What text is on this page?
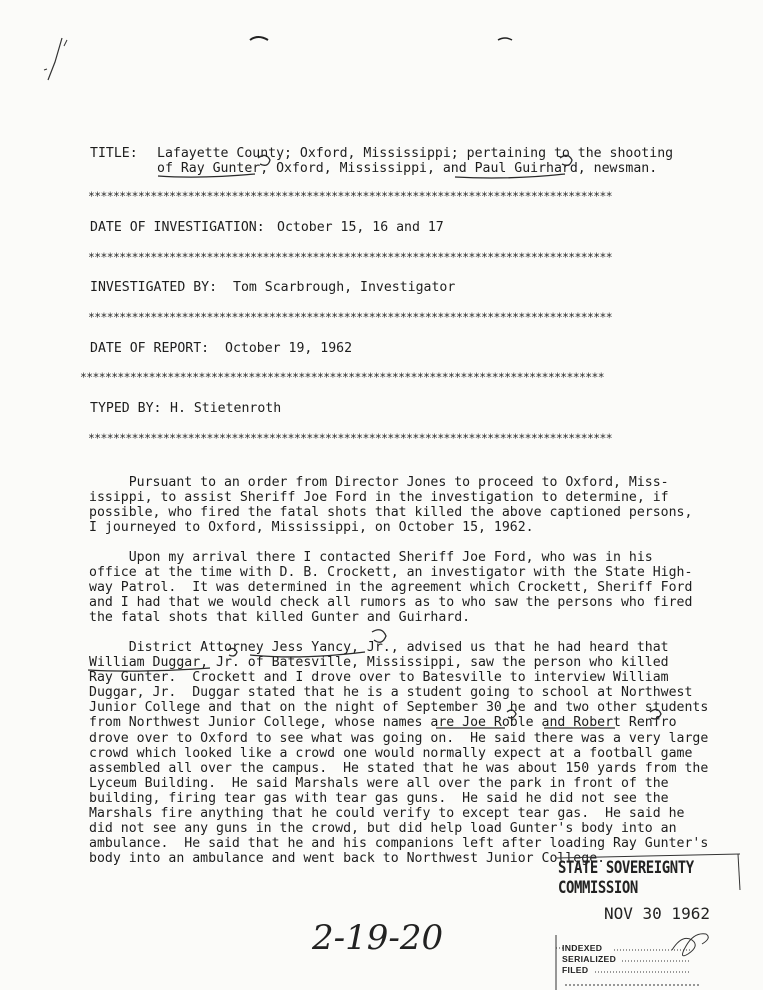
TITLE: Lafayette County; Oxford, Mississippi; pertaining to the shooting
of Ray Gunter, Oxford, Mississippi, and Paul Guirhard, newsman.
************************************************************************************
DATE OF INVESTIGATION: October 15, 16 and 17
************************************************************************************
INVESTIGATED BY: Tom Scarbrough, Investigator
************************************************************************************
DATE OF REPORT: October 19, 1962
************************************************************************************
TYPED BY: H. Stietenroth
************************************************************************************
Pursuant to an order from Director Jones to proceed to Oxford, Miss-
issippi, to assist Sheriff Joe Ford in the investigation to determine, if
possible, who fired the fatal shots that killed the above captioned persons,
I journeyed to Oxford, Mississippi, on October 15, 1962.
Upon my arrival there I contacted Sheriff Joe Ford, who was in his
office at the time with D. B. Crockett, an investigator with the State High-
way Patrol.  It was determined in the agreement which Crockett, Sheriff Ford
and I had that we would check all rumors as to who saw the persons who fired
the fatal shots that killed Gunter and Guirhard.
District Attorney Jess Yancy, Jr., advised us that he had heard that
William Duggar, Jr. of Batesville, Mississippi, saw the person who killed
Ray Gunter.  Crockett and I drove over to Batesville to interview William
Duggar, Jr.  Duggar stated that he is a student going to school at Northwest
Junior College and that on the night of September 30 he and two other students
from Northwest Junior College, whose names are Joe Roble and Robert Renfro
drove over to Oxford to see what was going on.  He said there was a very large
crowd which looked like a crowd one would normally expect at a football game
assembled all over the campus.  He stated that he was about 150 yards from the
Lyceum Building.  He said Marshals were all over the park in front of the
building, firing tear gas with tear gas guns.  He said he did not see the
Marshals fire anything that he could verify to except tear gas.  He said he
did not see any guns in the crowd, but did help load Gunter's body into an
ambulance.  He said that he and his companions left after loading Ray Gunter's
body into an ambulance and went back to Northwest Junior College.
2-19-20
STATE SOVEREIGNTY COMMISSION
NOV 30 1962
INDEXED
SERIALIZED
FILED
